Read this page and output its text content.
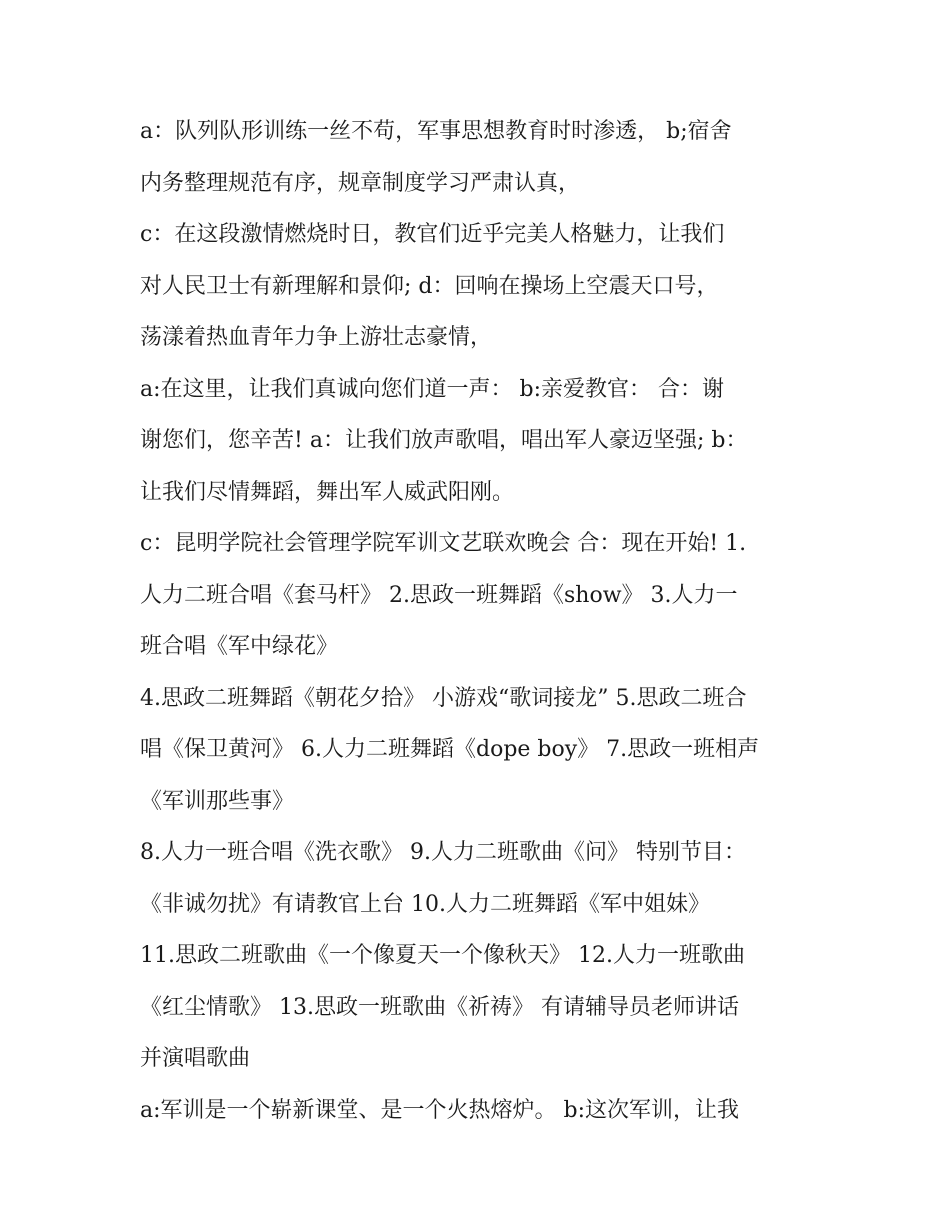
a：队列队形训练一丝不苟，军事思想教育时时渗透， b;宿舍
内务整理规范有序，规章制度学习严肃认真，

c：在这段激情燃烧时日，教官们近乎完美人格魅力，让我们
对人民卫士有新理解和景仰; d：回响在操场上空震天口号，
荡漾着热血青年力争上游壮志豪情，

a:在这里，让我们真诚向您们道一声： b:亲爱教官： 合：谢
谢您们，您辛苦! a：让我们放声歌唱，唱出军人豪迈坚强; b：
让我们尽情舞蹈，舞出军人威武阳刚。

c：昆明学院社会管理学院军训文艺联欢晚会 合：现在开始! 1.
人力二班合唱《套马杆》 2.思政一班舞蹈《show》 3.人力一
班合唱《军中绿花》

4.思政二班舞蹈《朝花夕拾》 小游戏“歌词接龙” 5.思政二班合
唱《保卫黄河》 6.人力二班舞蹈《dope boy》 7.思政一班相声
《军训那些事》

8.人力一班合唱《洗衣歌》 9.人力二班歌曲《问》 特别节目：
《非诚勿扰》有请教官上台 10.人力二班舞蹈《军中姐妹》

11.思政二班歌曲《一个像夏天一个像秋天》 12.人力一班歌曲
《红尘情歌》 13.思政一班歌曲《祈祷》 有请辅导员老师讲话
并演唱歌曲

a:军训是一个崭新课堂、是一个火热熔炉。 b:这次军训，让我
